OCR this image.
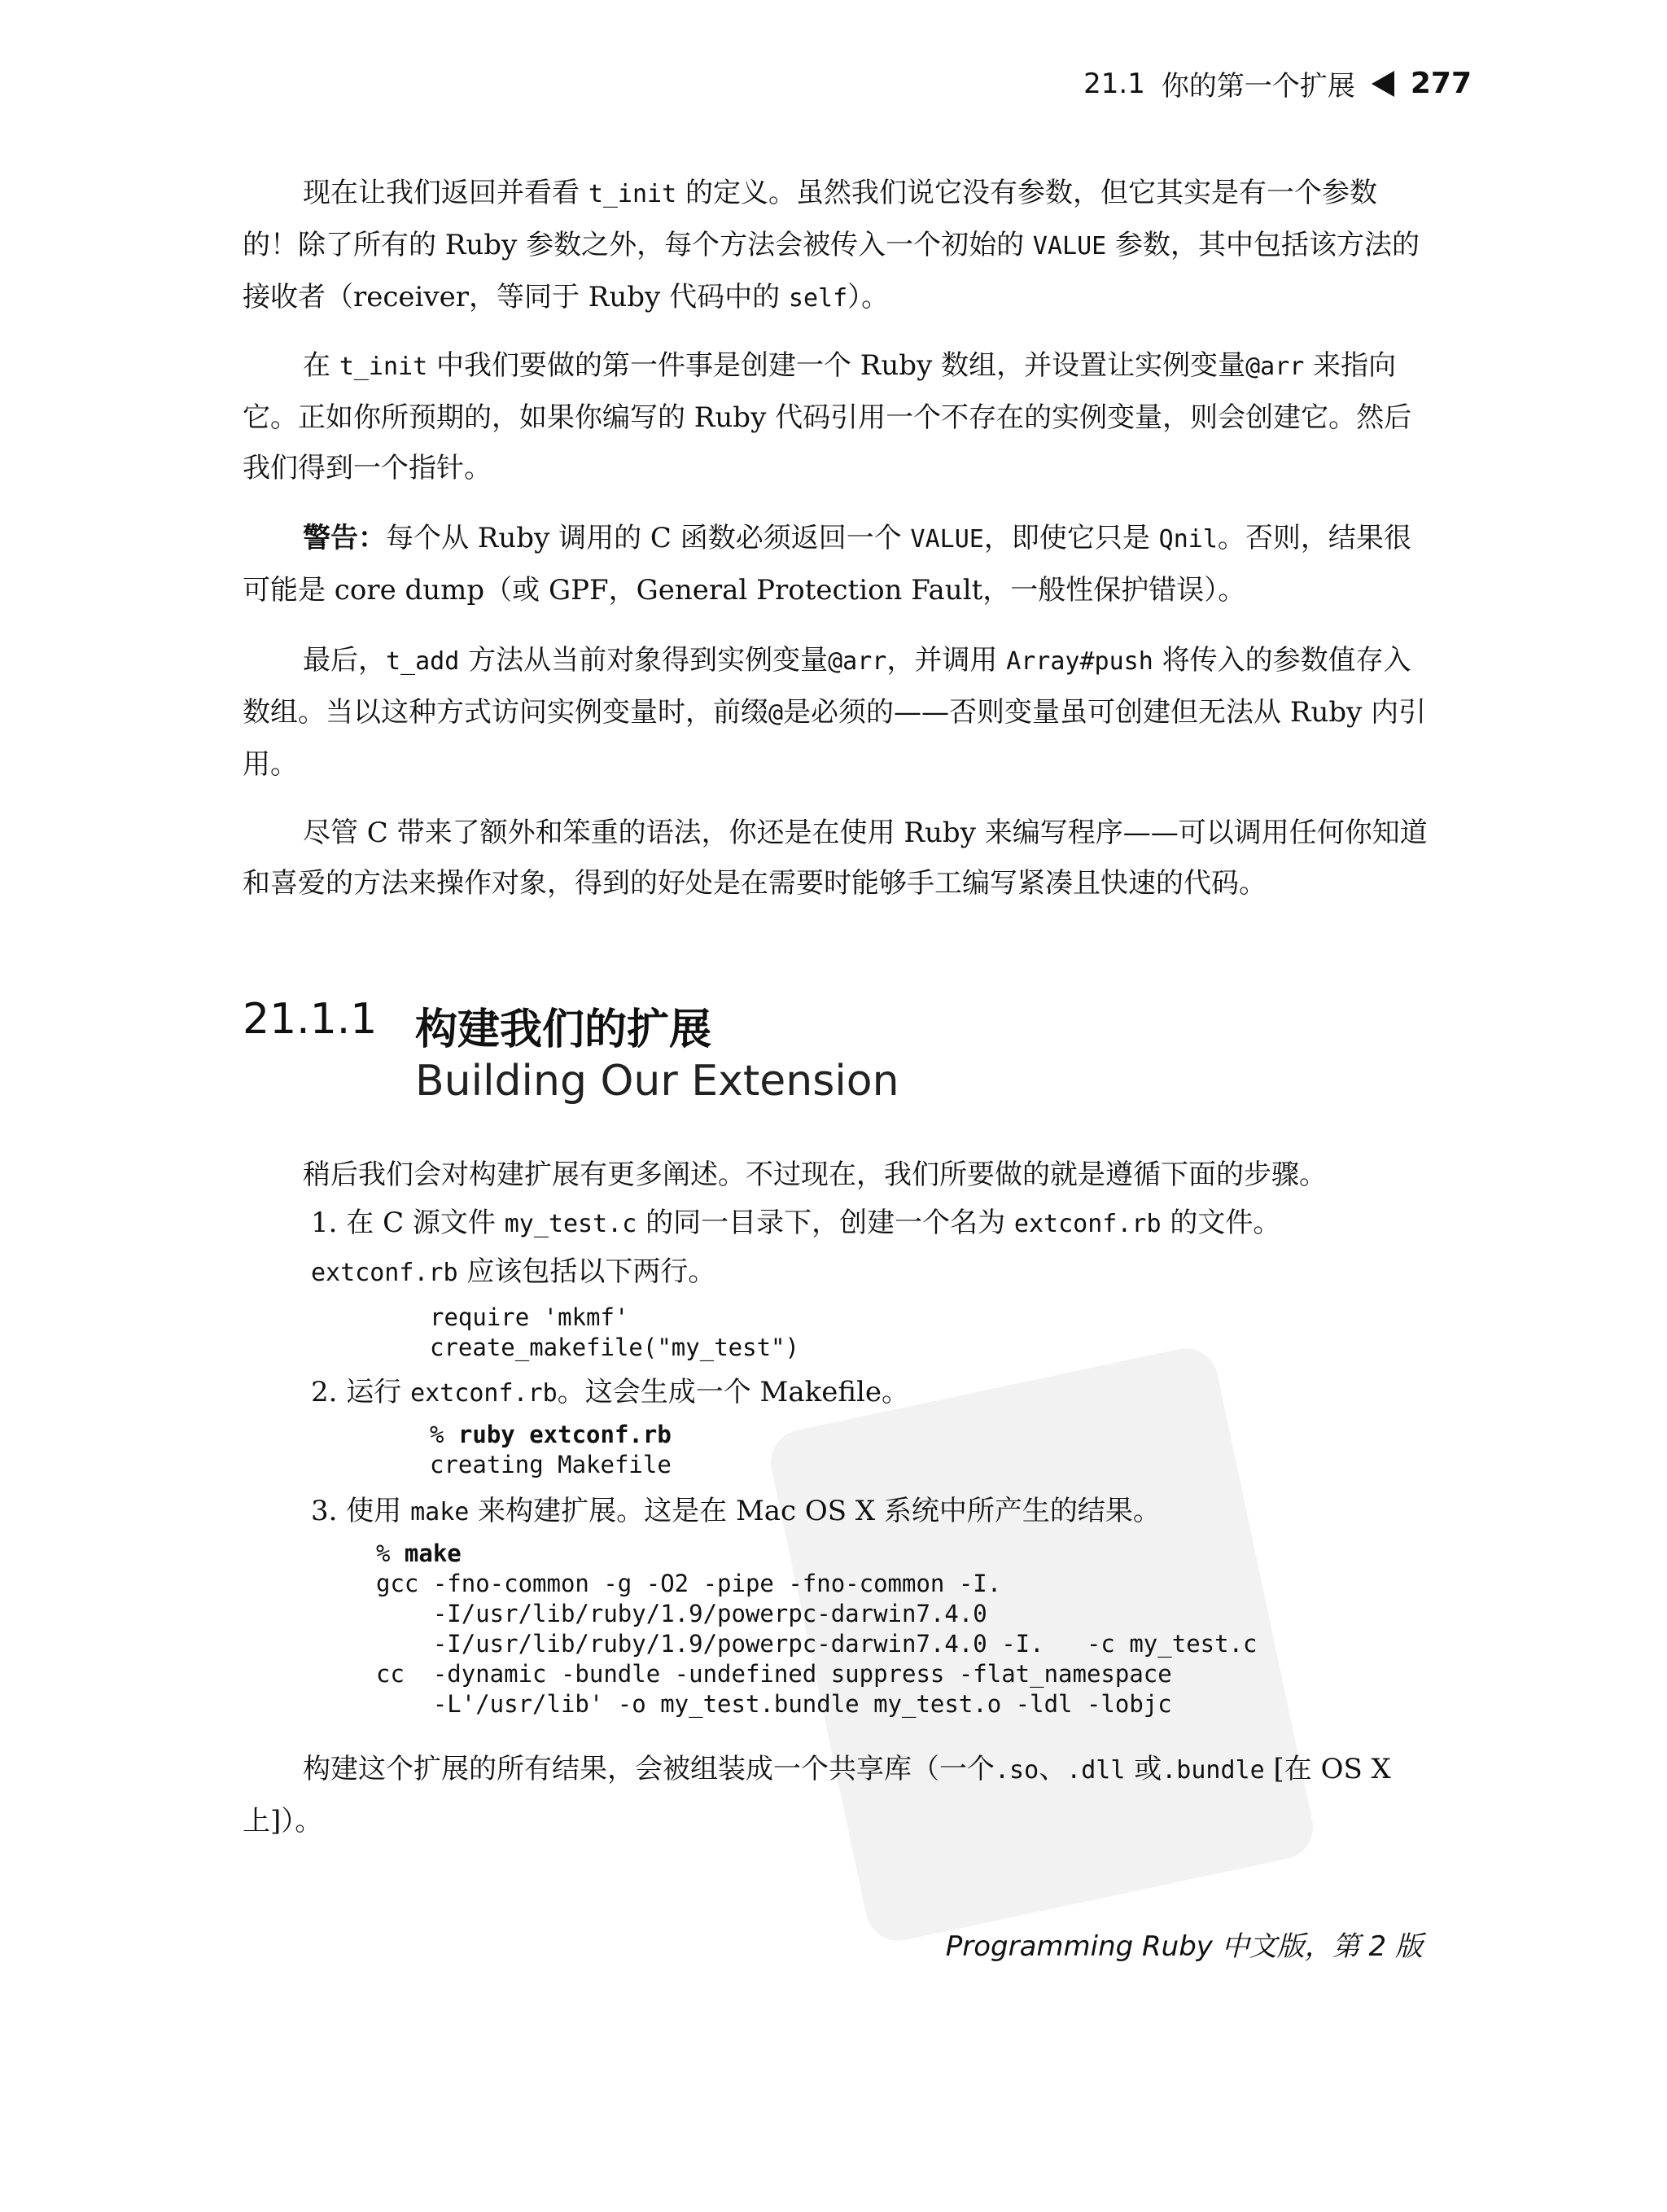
21.1 你的第一个扩展 277

现在让我们返回并看看 t_init 的定义。虽然我们说它没有参数，但它其实是有一个参数的！除了所有的 Ruby 参数之外，每个方法会被传入一个初始的 VALUE 参数，其中包括该方法的接收者（receiver，等同于 Ruby 代码中的 self）。

在 t_init 中我们要做的第一件事是创建一个 Ruby 数组，并设置让实例变量@arr 来指向它。正如你所预期的，如果你编写的 Ruby 代码引用一个不存在的实例变量，则会创建它。然后我们得到一个指针。

警告：每个从 Ruby 调用的 C 函数必须返回一个 VALUE，即使它只是 Qnil。否则，结果很可能是 core dump（或 GPF，General Protection Fault，一般性保护错误）。

最后，t_add 方法从当前对象得到实例变量@arr，并调用 Array#push 将传入的参数值存入数组。当以这种方式访问实例变量时，前缀@是必须的——否则变量虽可创建但无法从 Ruby 内引用。

尽管 C 带来了额外和笨重的语法，你还是在使用 Ruby 来编写程序——可以调用任何你知道和喜爱的方法来操作对象，得到的好处是在需要时能够手工编写紧凑且快速的代码。

21.1.1 构建我们的扩展
Building Our Extension

稍后我们会对构建扩展有更多阐述。不过现在，我们所要做的就是遵循下面的步骤。

1. 在 C 源文件 my_test.c 的同一目录下，创建一个名为 extconf.rb 的文件。
extconf.rb 应该包括以下两行。
require 'mkmf'
create_makefile("my_test")
2. 运行 extconf.rb。这会生成一个 Makefile。
% ruby extconf.rb
creating Makefile
3. 使用 make 来构建扩展。这是在 Mac OS X 系统中所产生的结果。
% make
gcc -fno-common -g -O2 -pipe -fno-common -I.
-I/usr/lib/ruby/1.9/powerpc-darwin7.4.0
-I/usr/lib/ruby/1.9/powerpc-darwin7.4.0 -I.   -c my_test.c
cc  -dynamic -bundle -undefined suppress -flat_namespace
-L'/usr/lib' -o my_test.bundle my_test.o -ldl -lobjc

构建这个扩展的所有结果，会被组装成一个共享库（一个.so、.dll 或.bundle [在 OS X 上]）。

Programming Ruby 中文版，第 2 版
